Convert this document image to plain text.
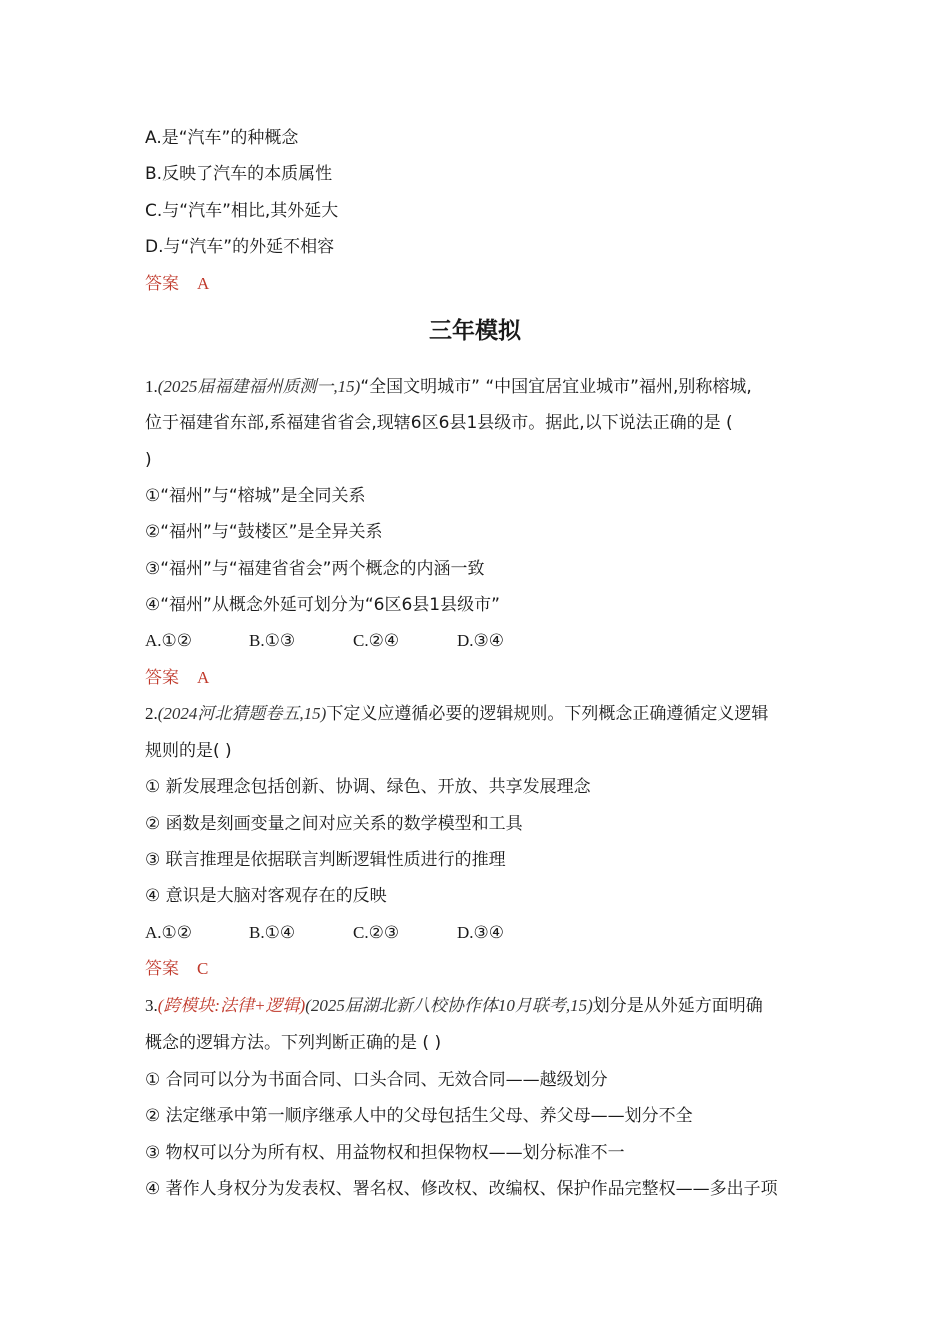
A.是“汽车”的种概念
B.反映了汽车的本质属性
C.与“汽车”相比,其外延大
D.与“汽车”的外延不相容
答案 A
三年模拟
1.(2025届福建福州质测一,15)“全国文明城市” “中国宜居宜业城市”福州,别称榕城,
位于福建省东部,系福建省省会,现辖6区6县1县级市。据此,以下说法正确的是 (
)
①“福州”与“榕城”是全同关系
②“福州”与“鼓楼区”是全异关系
③“福州”与“福建省省会”两个概念的内涵一致
④“福州”从概念外延可划分为“6区6县1县级市”
A.①②	B.①③	C.②④	D.③④
答案 A
2.(2024河北猜题卷五,15)下定义应遵循必要的逻辑规则。下列概念正确遵循定义逻辑
规则的是( )
① 新发展理念包括创新、协调、绿色、开放、共享发展理念
② 函数是刻画变量之间对应关系的数学模型和工具
③ 联言推理是依据联言判断逻辑性质进行的推理
④ 意识是大脑对客观存在的反映
A.①②	B.①④	C.②③	D.③④
答案 C
3.(跨模块:法律+逻辑)(2025届湖北新八校协作体10月联考,15)划分是从外延方面明确
概念的逻辑方法。下列判断正确的是 ( )
① 合同可以分为书面合同、口头合同、无效合同——越级划分
② 法定继承中第一顺序继承人中的父母包括生父母、养父母——划分不全
③ 物权可以分为所有权、用益物权和担保物权——划分标准不一
④ 著作人身权分为发表权、署名权、修改权、改编权、保护作品完整权——多出子项
